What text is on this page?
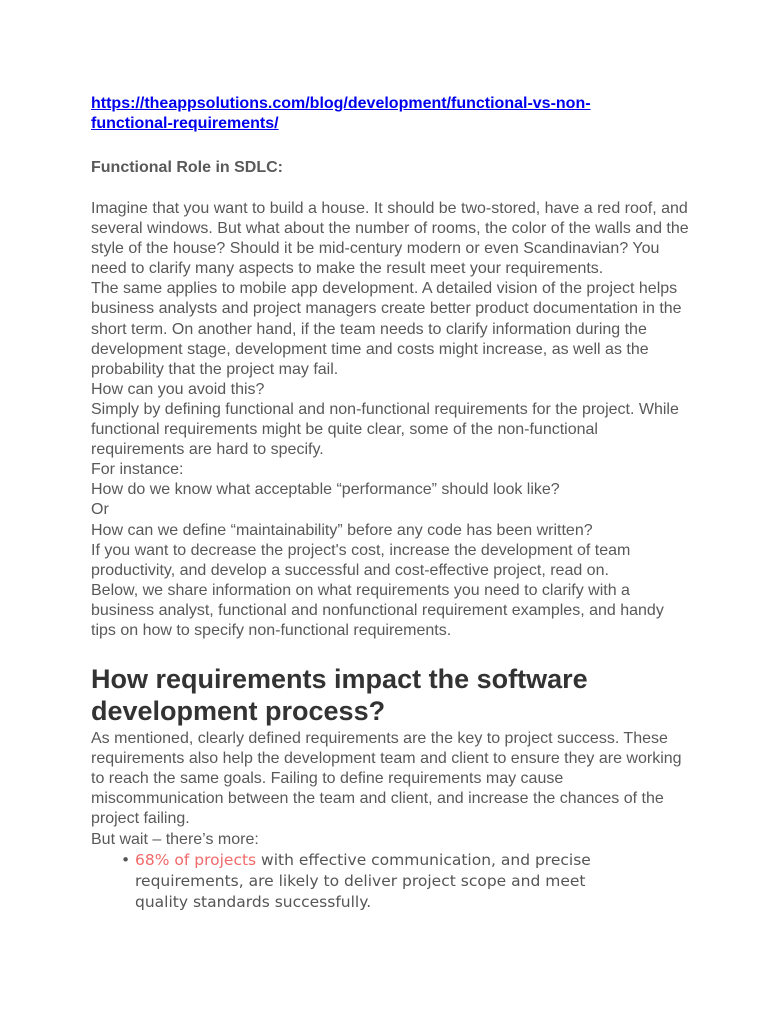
https://theappsolutions.com/blog/development/functional-vs-non-functional-requirements/
Functional Role in SDLC:

Imagine that you want to build a house. It should be two-stored, have a red roof, and several windows. But what about the number of rooms, the color of the walls and the style of the house? Should it be mid-century modern or even Scandinavian? You need to clarify many aspects to make the result meet your requirements.

The same applies to mobile app development. A detailed vision of the project helps business analysts and project managers create better product documentation in the short term. On another hand, if the team needs to clarify information during the development stage, development time and costs might increase, as well as the probability that the project may fail.

How can you avoid this?

Simply by defining functional and non-functional requirements for the project. While functional requirements might be quite clear, some of the non-functional requirements are hard to specify.

For instance:

How do we know what acceptable “performance” should look like?

Or

How can we define “maintainability” before any code has been written?

If you want to decrease the project's cost, increase the development of team productivity, and develop a successful and cost-effective project, read on.

Below, we share information on what requirements you need to clarify with a business analyst, functional and nonfunctional requirement examples, and handy tips on how to specify non-functional requirements.

How requirements impact the software development process?

As mentioned, clearly defined requirements are the key to project success. These requirements also help the development team and client to ensure they are working to reach the same goals. Failing to define requirements may cause miscommunication between the team and client, and increase the chances of the project failing.

But wait – there’s more:

• 68% of projects with effective communication, and precise requirements, are likely to deliver project scope and meet quality standards successfully.
